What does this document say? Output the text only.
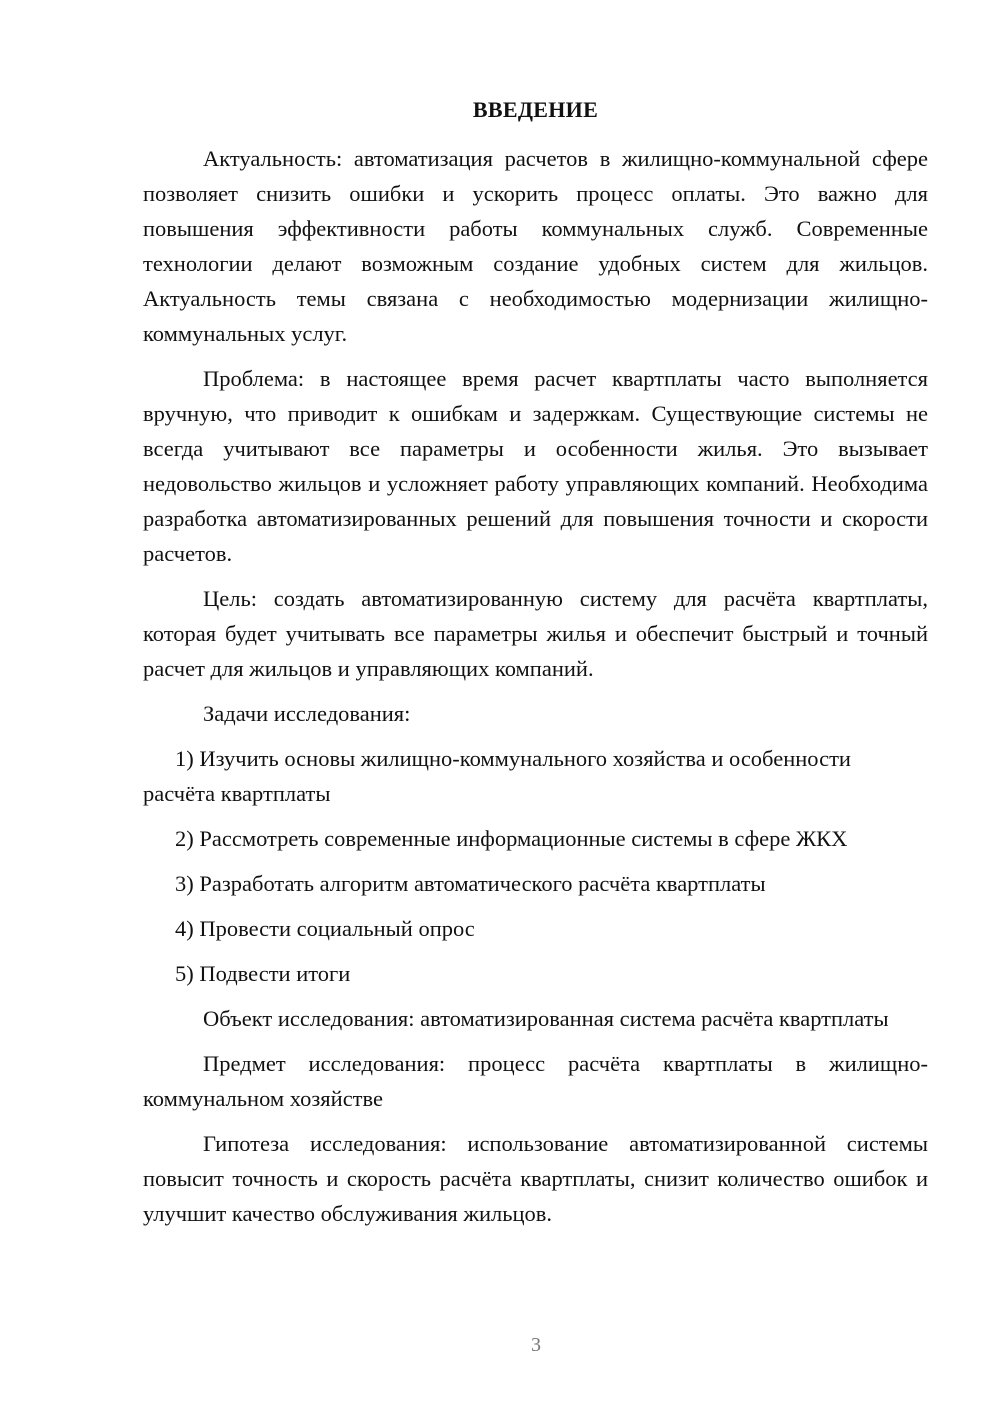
ВВЕДЕНИЕ

Актуальность: автоматизация расчетов в жилищно-коммунальной сфере позволяет снизить ошибки и ускорить процесс оплаты. Это важно для повышения эффективности работы коммунальных служб. Современные технологии делают возможным создание удобных систем для жильцов. Актуальность темы связана с необходимостью модернизации жилищно-коммунальных услуг.

Проблема: в настоящее время расчет квартплаты часто выполняется вручную, что приводит к ошибкам и задержкам. Существующие системы не всегда учитывают все параметры и особенности жилья. Это вызывает недовольство жильцов и усложняет работу управляющих компаний. Необходима разработка автоматизированных решений для повышения точности и скорости расчетов.

Цель: создать автоматизированную систему для расчёта квартплаты, которая будет учитывать все параметры жилья и обеспечит быстрый и точный расчет для жильцов и управляющих компаний.

Задачи исследования:

1) Изучить основы жилищно-коммунального хозяйства и особенности расчёта квартплаты

2) Рассмотреть современные информационные системы в сфере ЖКХ

3) Разработать алгоритм автоматического расчёта квартплаты

4) Провести социальный опрос

5) Подвести итоги

Объект исследования: автоматизированная система расчёта квартплаты

Предмет исследования: процесс расчёта квартплаты в жилищно-коммунальном хозяйстве

Гипотеза исследования: использование автоматизированной системы повысит точность и скорость расчёта квартплаты, снизит количество ошибок и улучшит качество обслуживания жильцов.

3
